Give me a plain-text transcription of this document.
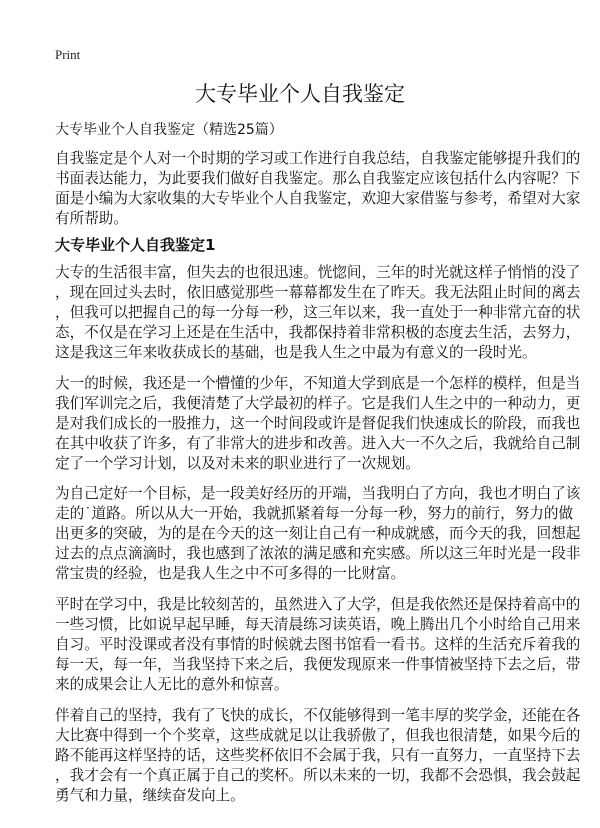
Print
大专毕业个人自我鉴定
大专毕业个人自我鉴定（精选25篇）
自我鉴定是个人对一个时期的学习或工作进行自我总结，自我鉴定能够提升我们的
书面表达能力，为此要我们做好自我鉴定。那么自我鉴定应该包括什么内容呢？下
面是小编为大家收集的大专毕业个人自我鉴定，欢迎大家借鉴与参考，希望对大家
有所帮助。
大专毕业个人自我鉴定1
大专的生活很丰富，但失去的也很迅速。恍惚间，三年的时光就这样子悄悄的没了
，现在回过头去时，依旧感觉那些一幕幕都发生在了昨天。我无法阻止时间的离去
，但我可以把握自己的每一分每一秒，这三年以来，我一直处于一种非常亢奋的状
态，不仅是在学习上还是在生活中，我都保持着非常积极的态度去生活，去努力，
这是我这三年来收获成长的基础，也是我人生之中最为有意义的一段时光。
大一的时候，我还是一个懵懂的少年，不知道大学到底是一个怎样的模样，但是当
我们军训完之后，我便清楚了大学最初的样子。它是我们人生之中的一种动力，更
是对我们成长的一股推力，这一个时间段或许是督促我们快速成长的阶段，而我也
在其中收获了许多，有了非常大的进步和改善。进入大一不久之后，我就给自己制
定了一个学习计划，以及对未来的职业进行了一次规划。
为自己定好一个目标，是一段美好经历的开端，当我明白了方向，我也才明白了该
走的˙道路。所以从大一开始，我就抓紧着每一分每一秒，努力的前行，努力的做
出更多的突破，为的是在今天的这一刻让自己有一种成就感，而今天的我，回想起
过去的点点滴滴时，我也感到了浓浓的满足感和充实感。所以这三年时光是一段非
常宝贵的经验，也是我人生之中不可多得的一比财富。
平时在学习中，我是比较刻苦的，虽然进入了大学，但是我依然还是保持着高中的
一些习惯，比如说早起早睡，每天清晨练习读英语，晚上腾出几个小时给自己用来
自习。平时没课或者没有事情的时候就去图书馆看一看书。这样的生活充斥着我的
每一天，每一年，当我坚持下来之后，我便发现原来一件事情被坚持下去之后，带
来的成果会让人无比的意外和惊喜。
伴着自己的坚持，我有了飞快的成长，不仅能够得到一笔丰厚的奖学金，还能在各
大比赛中得到一个个奖章，这些成就足以让我骄傲了，但我也很清楚，如果今后的
路不能再这样坚持的话，这些奖杯依旧不会属于我，只有一直努力，一直坚持下去
，我才会有一个真正属于自己的奖杯。所以未来的一切，我都不会恐惧，我会鼓起
勇气和力量，继续奋发向上。
